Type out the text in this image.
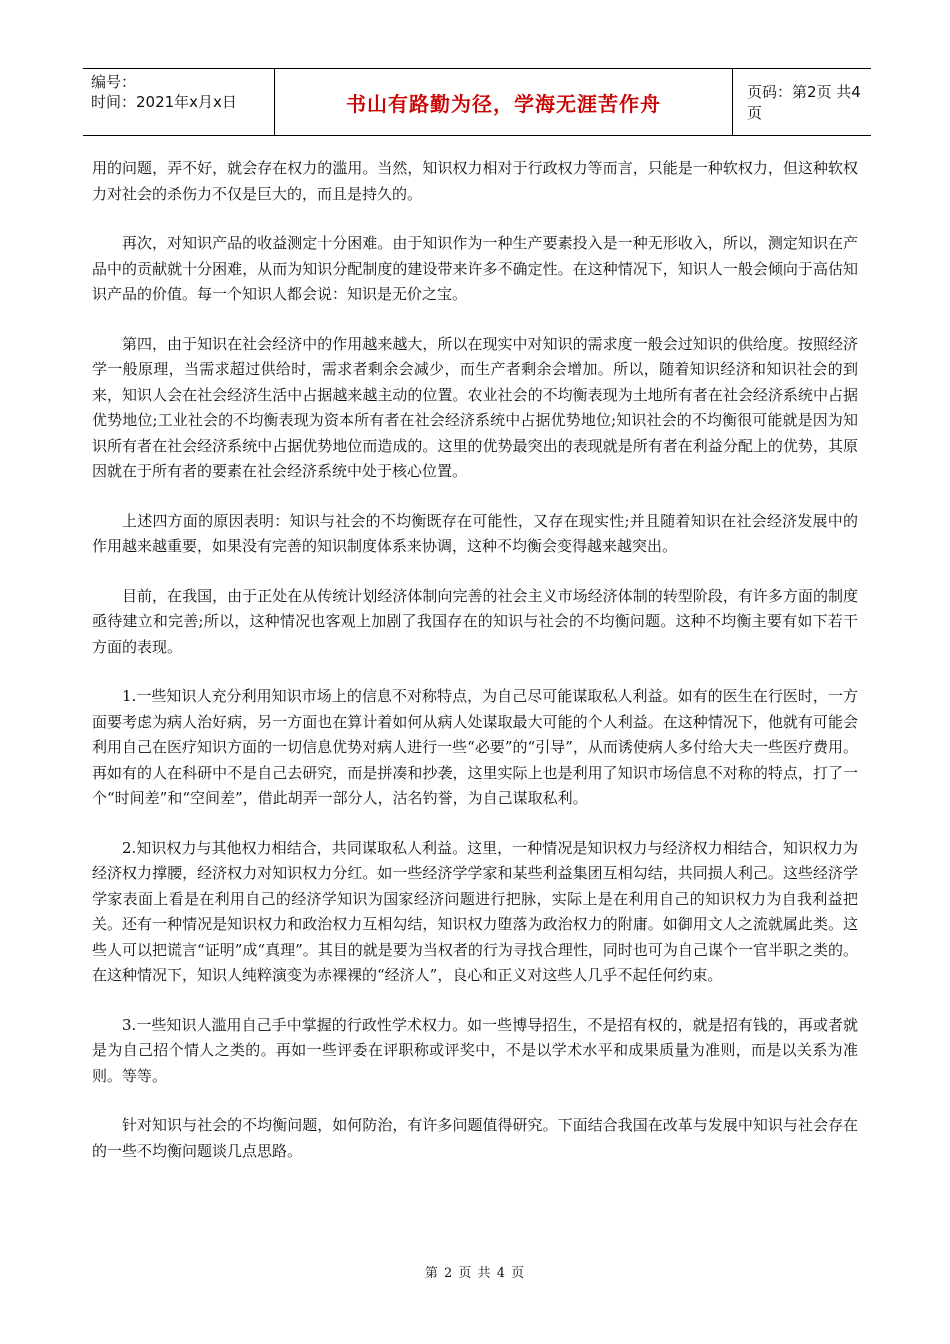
编号：
时间：2021年x月x日	书山有路勤为径，学海无涯苦作舟	页码：第2页 共4页

用的问题，弄不好，就会存在权力的滥用。当然，知识权力相对于行政权力等而言，只能是一种软权力，但这种软权力对社会的杀伤力不仅是巨大的，而且是持久的。

再次，对知识产品的收益测定十分困难。由于知识作为一种生产要素投入是一种无形收入，所以，测定知识在产品中的贡献就十分困难，从而为知识分配制度的建设带来许多不确定性。在这种情况下，知识人一般会倾向于高估知识产品的价值。每一个知识人都会说：知识是无价之宝。

第四，由于知识在社会经济中的作用越来越大，所以在现实中对知识的需求度一般会过知识的供给度。按照经济学一般原理，当需求超过供给时，需求者剩余会减少，而生产者剩余会增加。所以，随着知识经济和知识社会的到来，知识人会在社会经济生活中占据越来越主动的位置。农业社会的不均衡表现为土地所有者在社会经济系统中占据优势地位;工业社会的不均衡表现为资本所有者在社会经济系统中占据优势地位;知识社会的不均衡很可能就是因为知识所有者在社会经济系统中占据优势地位而造成的。这里的优势最突出的表现就是所有者在利益分配上的优势，其原因就在于所有者的要素在社会经济系统中处于核心位置。

上述四方面的原因表明：知识与社会的不均衡既存在可能性，又存在现实性;并且随着知识在社会经济发展中的作用越来越重要，如果没有完善的知识制度体系来协调，这种不均衡会变得越来越突出。

目前，在我国，由于正处在从传统计划经济体制向完善的社会主义市场经济体制的转型阶段，有许多方面的制度亟待建立和完善;所以，这种情况也客观上加剧了我国存在的知识与社会的不均衡问题。这种不均衡主要有如下若干方面的表现。

1.一些知识人充分利用知识市场上的信息不对称特点，为自己尽可能谋取私人利益。如有的医生在行医时，一方面要考虑为病人治好病，另一方面也在算计着如何从病人处谋取最大可能的个人利益。在这种情况下，他就有可能会利用自己在医疗知识方面的一切信息优势对病人进行一些“必要”的“引导”，从而诱使病人多付给大夫一些医疗费用。再如有的人在科研中不是自己去研究，而是拼凑和抄袭，这里实际上也是利用了知识市场信息不对称的特点，打了一个“时间差”和“空间差”，借此胡弄一部分人，沽名钓誉，为自己谋取私利。

2.知识权力与其他权力相结合，共同谋取私人利益。这里，一种情况是知识权力与经济权力相结合，知识权力为经济权力撑腰，经济权力对知识权力分红。如一些经济学学家和某些利益集团互相勾结，共同损人利己。这些经济学学家表面上看是在利用自己的经济学知识为国家经济问题进行把脉，实际上是在利用自己的知识权力为自我利益把关。还有一种情况是知识权力和政治权力互相勾结，知识权力堕落为政治权力的附庸。如御用文人之流就属此类。这些人可以把谎言“证明”成“真理”。其目的就是要为当权者的行为寻找合理性，同时也可为自己谋个一官半职之类的。在这种情况下，知识人纯粹演变为赤裸裸的“经济人”，良心和正义对这些人几乎不起任何约束。

3.一些知识人滥用自己手中掌握的行政性学术权力。如一些博导招生，不是招有权的，就是招有钱的，再或者就是为自己招个情人之类的。再如一些评委在评职称或评奖中，不是以学术水平和成果质量为准则，而是以关系为准则。等等。

针对知识与社会的不均衡问题，如何防治，有许多问题值得研究。下面结合我国在改革与发展中知识与社会存在的一些不均衡问题谈几点思路。

第 2 页 共 4 页
